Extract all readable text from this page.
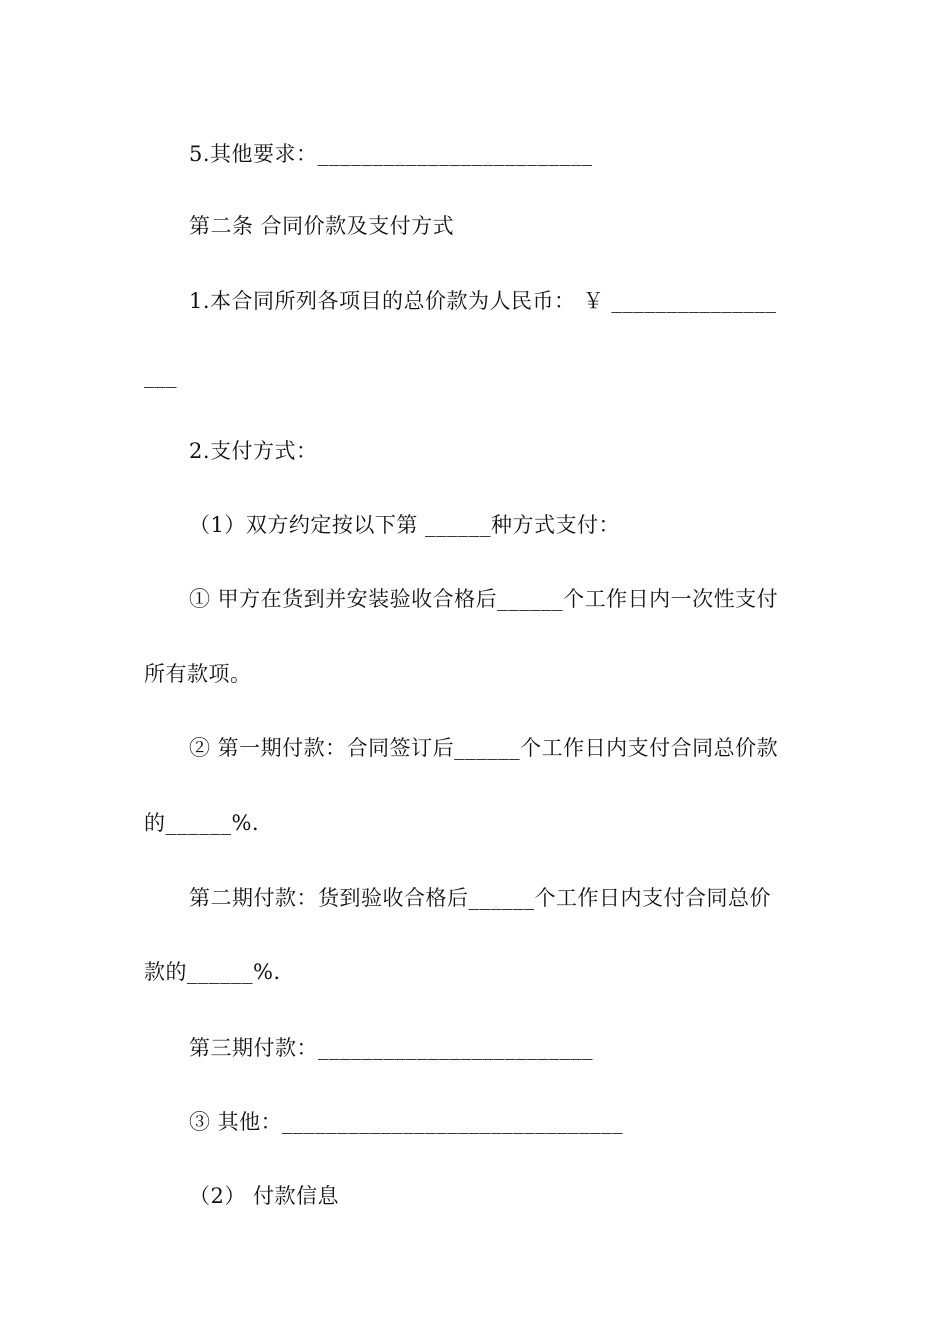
5.其他要求：_________________________
第二条 合同价款及支付方式
1.本合同所列各项目的总价款为人民币： ￥ _______________
___
2.支付方式：
（1）双方约定按以下第 ______种方式支付：
① 甲方在货到并安装验收合格后______个工作日内一次性支付
所有款项。
② 第一期付款：合同签订后______个工作日内支付合同总价款
的______%．
第二期付款：货到验收合格后______个工作日内支付合同总价
款的______%．
第三期付款：_________________________
③ 其他：_______________________________
（2） 付款信息
